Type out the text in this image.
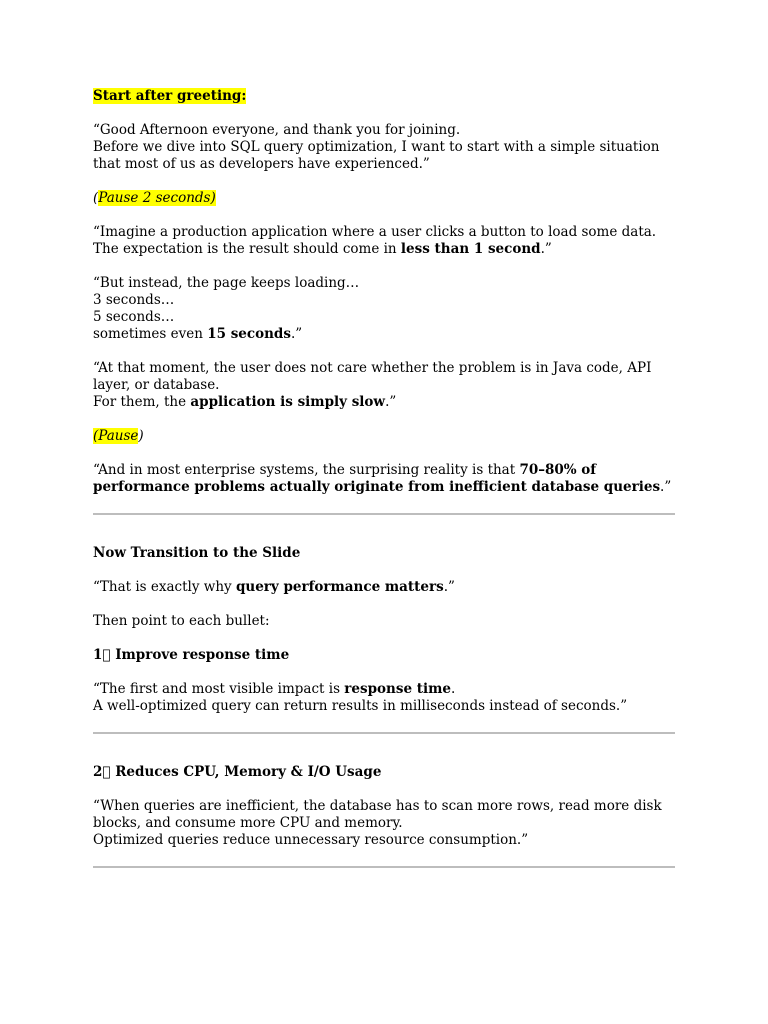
Start after greeting:

“Good Afternoon everyone, and thank you for joining.
Before we dive into SQL query optimization, I want to start with a simple situation that most of us as developers have experienced.”

(Pause 2 seconds)

“Imagine a production application where a user clicks a button to load some data.
The expectation is the result should come in less than 1 second.”

“But instead, the page keeps loading…
3 seconds…
5 seconds…
sometimes even 15 seconds.”

“At that moment, the user does not care whether the problem is in Java code, API layer, or database.
For them, the application is simply slow.”

(Pause)

“And in most enterprise systems, the surprising reality is that 70–80% of performance problems actually originate from inefficient database queries.”

Now Transition to the Slide

“That is exactly why query performance matters.”

Then point to each bullet:

1⃣ Improve response time

“The first and most visible impact is response time.
A well-optimized query can return results in milliseconds instead of seconds.”

2⃣ Reduces CPU, Memory & I/O Usage

“When queries are inefficient, the database has to scan more rows, read more disk blocks, and consume more CPU and memory.
Optimized queries reduce unnecessary resource consumption.”
